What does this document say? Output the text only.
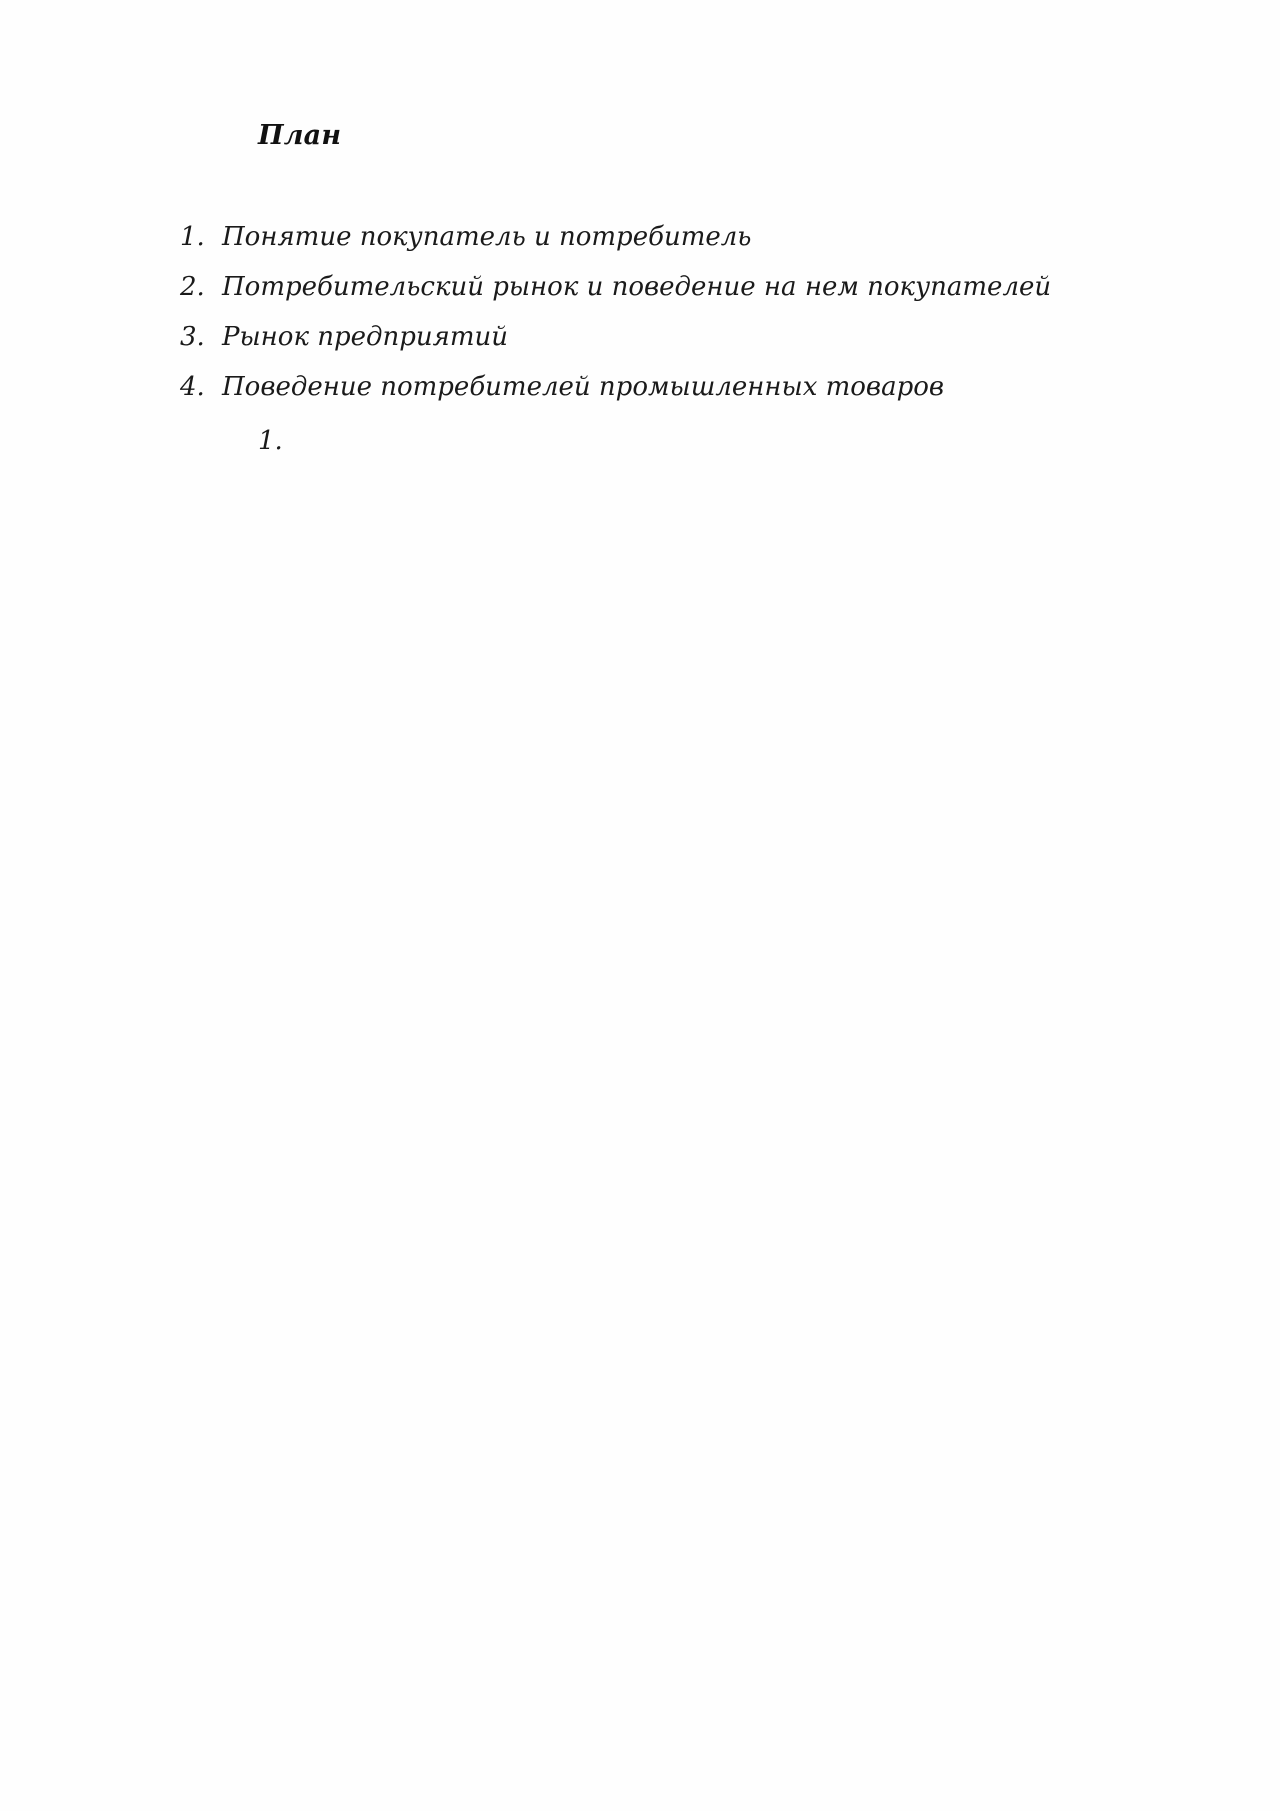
План
1. Понятие покупатель и потребитель
2. Потребительский рынок и поведение на нем покупателей
3. Рынок предприятий
4. Поведение потребителей промышленных товаров
1.
